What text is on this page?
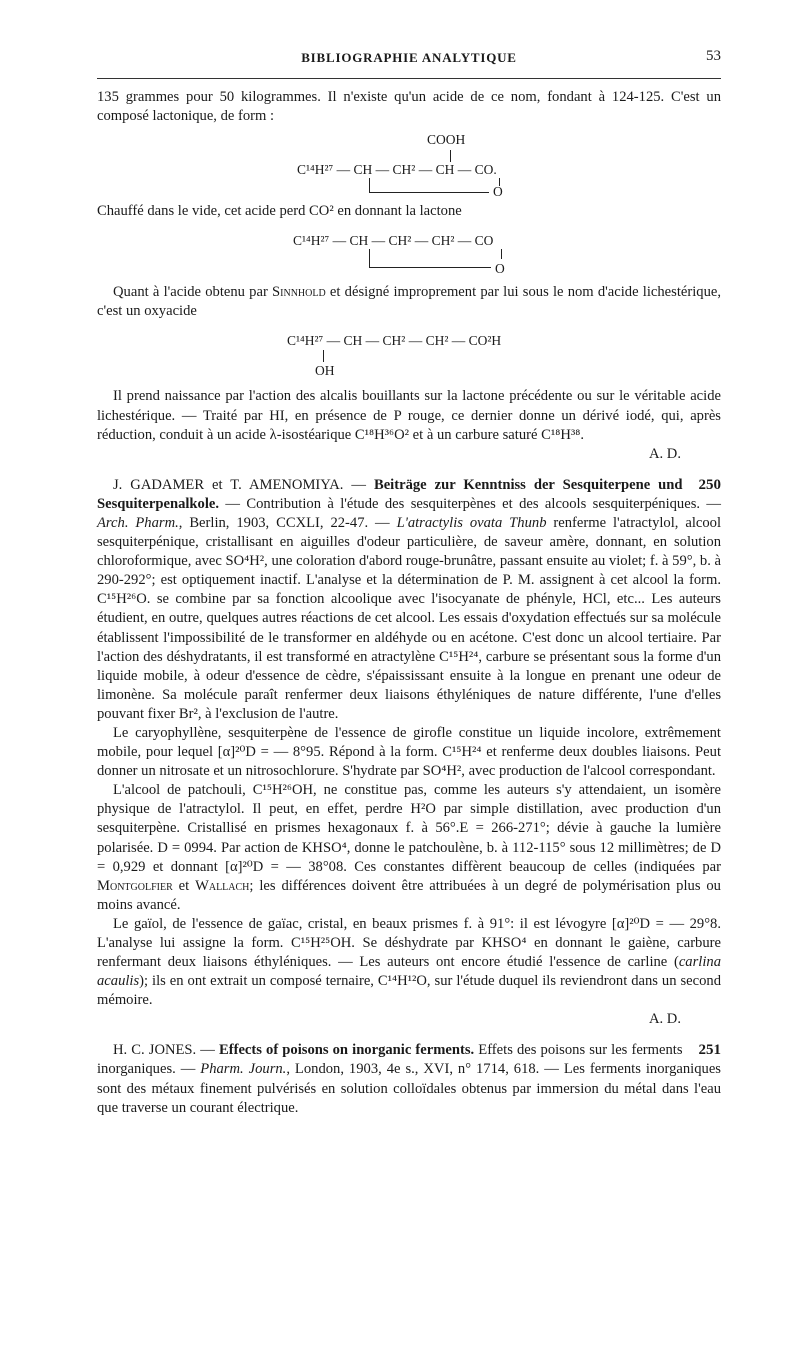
BIBLIOGRAPHIE ANALYTIQUE	53

135 grammes pour 50 kilogrammes. Il n'existe qu'un acide de ce nom, fondant à 124-125. C'est un composé lactonique, de form :

COOH
C¹⁴H²⁷ — CH — CH² — CH — CO.
O

Chauffé dans le vide, cet acide perd CO² en donnant la lactone

C¹⁴H²⁷ — CH — CH² — CH² — CO
O

Quant à l'acide obtenu par Sinnhold et désigné improprement par lui sous le nom d'acide lichestérique, c'est un oxyacide

C¹⁴H²⁷ — CH — CH² — CH² — CO²H
OH

Il prend naissance par l'action des alcalis bouillants sur la lactone précédente ou sur le véritable acide lichestérique. — Traité par HI, en présence de P rouge, ce dernier donne un dérivé iodé, qui, après réduction, conduit à un acide λ-isostéarique C¹⁸H³⁶O² et à un carbure saturé C¹⁸H³⁸.

A. D.

250
J. GADAMER et T. AMENOMIYA. — Beiträge zur Kenntniss der Sesquiterpene und Sesquiterpenalkole. — Contribution à l'étude des sesquiterpènes et des alcools sesquiterpéniques. — Arch. Pharm., Berlin, 1903, CCXLI, 22-47. — L'atractylis ovata Thunb renferme l'atractylol, alcool sesquiterpénique, cristallisant en aiguilles d'odeur particulière, de saveur amère, donnant, en solution chloroformique, avec SO⁴H², une coloration d'abord rouge-brunâtre, passant ensuite au violet; f. à 59°, b. à 290-292°; est optiquement inactif. L'analyse et la détermination de P. M. assignent à cet alcool la form. C¹⁵H²⁶O. se combine par sa fonction alcoolique avec l'isocyanate de phényle, HCl, etc... Les auteurs étudient, en outre, quelques autres réactions de cet alcool. Les essais d'oxydation effectués sur sa molécule établissent l'impossibilité de le transformer en aldéhyde ou en acétone. C'est donc un alcool tertiaire. Par l'action des déshydratants, il est transformé en atractylène C¹⁵H²⁴, carbure se présentant sous la forme d'un liquide mobile, à odeur d'essence de cèdre, s'épaississant ensuite à la longue en prenant une odeur de limonène. Sa molécule paraît renfermer deux liaisons éthyléniques de nature différente, l'une d'elles pouvant fixer Br², à l'exclusion de l'autre.

Le caryophyllène, sesquiterpène de l'essence de girofle constitue un liquide incolore, extrêmement mobile, pour lequel [α]²⁰D = — 8°95. Répond à la form. C¹⁵H²⁴ et renferme deux doubles liaisons. Peut donner un nitrosate et un nitrosochlorure. S'hydrate par SO⁴H², avec production de l'alcool correspondant.

L'alcool de patchouli, C¹⁵H²⁶OH, ne constitue pas, comme les auteurs s'y attendaient, un isomère physique de l'atractylol. Il peut, en effet, perdre H²O par simple distillation, avec production d'un sesquiterpène. Cristallisé en prismes hexagonaux f. à 56°.E = 266-271°; dévie à gauche la lumière polarisée. D = 0994. Par action de KHSO⁴, donne le patchoulène, b. à 112-115° sous 12 millimètres; de D = 0,929 et donnant [α]²⁰D = — 38°08. Ces constantes diffèrent beaucoup de celles (indiquées par Montgolfier et Wallach; les différences doivent être attribuées à un degré de polymérisation plus ou moins avancé.

Le gaïol, de l'essence de gaïac, cristal, en beaux prismes f. à 91°: il est lévogyre [α]²⁰D = — 29°8. L'analyse lui assigne la form. C¹⁵H²⁵OH. Se déshydrate par KHSO⁴ en donnant le gaiène, carbure renfermant deux liaisons éthyléniques. — Les auteurs ont encore étudié l'essence de carline (carlina acaulis); ils en ont extrait un composé ternaire, C¹⁴H¹²O, sur l'étude duquel ils reviendront dans un second mémoire.

A. D.

251
H. C. JONES. — Effects of poisons on inorganic ferments. Effets des poisons sur les ferments inorganiques. — Pharm. Journ., London, 1903, 4e s., XVI, n° 1714, 618. — Les ferments inorganiques sont des métaux finement pulvérisés en solution colloïdales obtenus par immersion du métal dans l'eau que traverse un courant électrique.
